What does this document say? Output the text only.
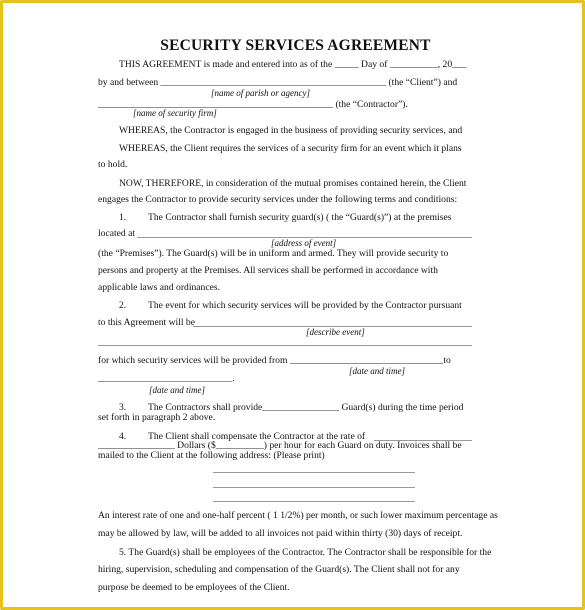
SECURITY SERVICES AGREEMENT
THIS AGREEMENT is made and entered into as of the _____ Day of __________, 20___
by and between _______________________________________________ (the “Client”) and
[name of parish or agency]
_________________________________________________ (the “Contractor”).
[name of security firm]
WHEREAS, the Contractor is engaged in the business of providing security services, and
WHEREAS, the Client requires the services of a security firm for an event which it plans
to hold.
NOW, THEREFORE, in consideration of the mutual promises contained herein, the Client
engages the Contractor to provide security services under the following terms and conditions:
1. The Contractor shall furnish security guard(s) ( the “Guard(s)”) at the premises
located at
[address of event]
(the “Premises”). The Guard(s) will be in uniform and armed. They will provide security to
persons and property at the Premises. All services shall be performed in accordance with
applicable laws and ordinances.
2. The event for which security services will be provided by the Contractor pursuant
to this Agreement will be
[describe event]
for which security services will be provided from ________________________________to
[date and time]
____________________________.
[date and time]
3. The Contractors shall provide________________ Guard(s) during the time period
set forth in paragraph 2 above.
4. The Client shall compensate the Contractor at the rate of
________________ Dollars ($__________) per hour for each Guard on duty. Invoices shall be
mailed to the Client at the following address: (Please print)
An interest rate of one and one-half percent ( 1 1/2%) per month, or such lower maximum percentage as
may be allowed by law, will be added to all invoices not paid within thirty (30) days of receipt.
5. The Guard(s) shall be employees of the Contractor. The Contractor shall be responsible for the
hiring, supervision, scheduling and compensation of the Guard(s). The Client shall not for any
purpose be deemed to be employees of the Client.
